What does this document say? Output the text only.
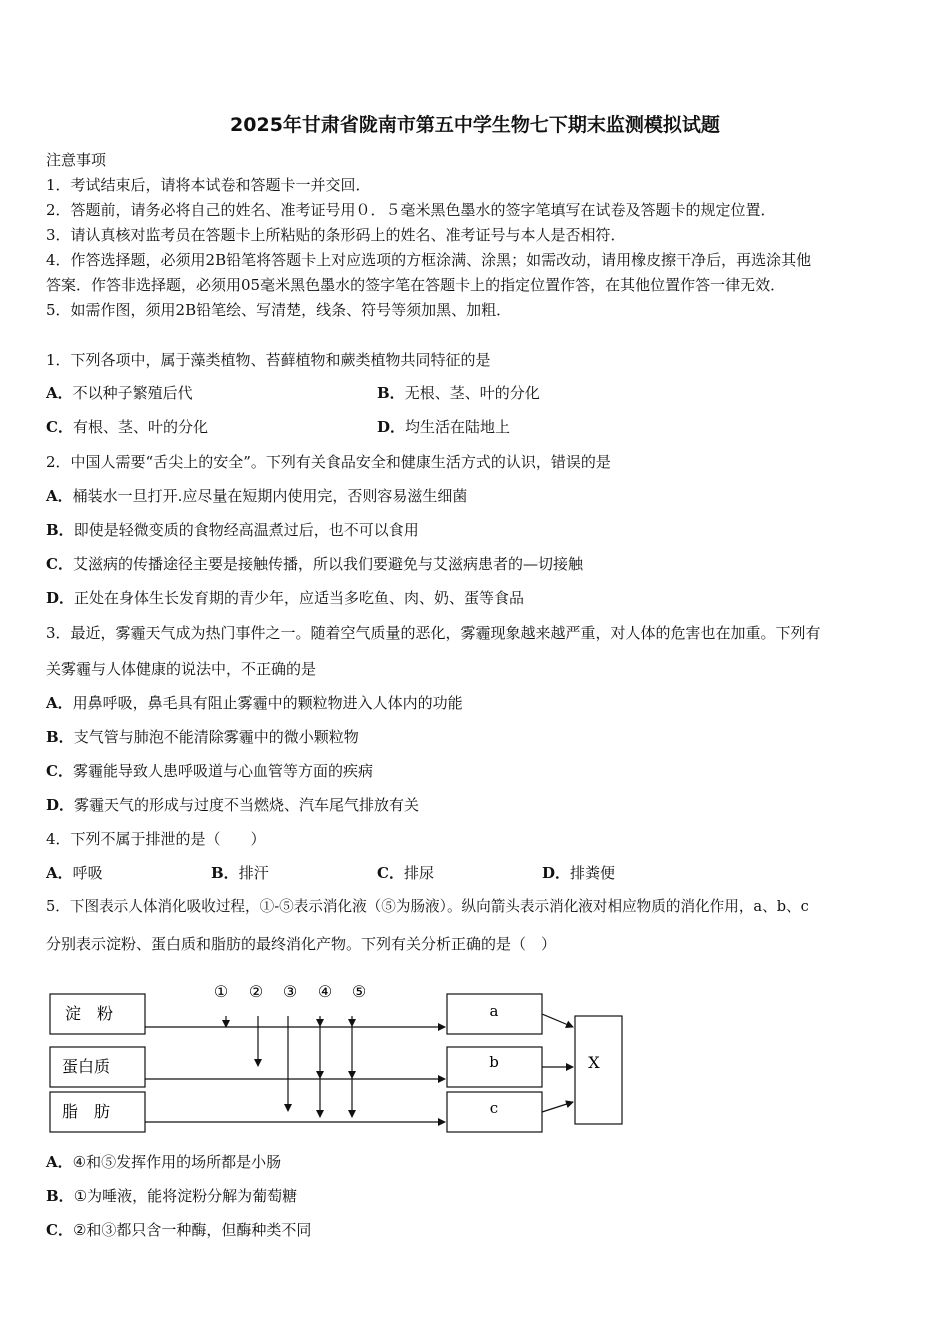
2025年甘肃省陇南市第五中学生物七下期末监测模拟试题
注意事项
1．考试结束后，请将本试卷和答题卡一并交回．
2．答题前，请务必将自己的姓名、准考证号用０．５毫米黑色墨水的签字笔填写在试卷及答题卡的规定位置．
3．请认真核对监考员在答题卡上所粘贴的条形码上的姓名、准考证号与本人是否相符．
4．作答选择题，必须用2B铅笔将答题卡上对应选项的方框涂满、涂黑；如需改动，请用橡皮擦干净后，再选涂其他
答案．作答非选择题，必须用05毫米黑色墨水的签字笔在答题卡上的指定位置作答，在其他位置作答一律无效．
5．如需作图，须用2B铅笔绘、写清楚，线条、符号等须加黑、加粗．
1．下列各项中，属于藻类植物、苔藓植物和蕨类植物共同特征的是
A．不以种子繁殖后代	B．无根、茎、叶的分化
C．有根、茎、叶的分化	D．均生活在陆地上
2．中国人需要“舌尖上的安全”。下列有关食品安全和健康生活方式的认识，错误的是
A．桶装水一旦打开.应尽量在短期内使用完，否则容易滋生细菌
B．即使是轻微变质的食物经高温煮过后，也不可以食用
C．艾滋病的传播途径主要是接触传播，所以我们要避免与艾滋病患者的—切接触
D．正处在身体生长发育期的青少年，应适当多吃鱼、肉、奶、蛋等食品
3．最近，雾霾天气成为热门事件之一。随着空气质量的恶化，雾霾现象越来越严重，对人体的危害也在加重。下列有
关雾霾与人体健康的说法中，不正确的是
A．用鼻呼吸，鼻毛具有阻止雾霾中的颗粒物进入人体内的功能
B．支气管与肺泡不能清除雾霾中的微小颗粒物
C．雾霾能导致人患呼吸道与心血管等方面的疾病
D．雾霾天气的形成与过度不当燃烧、汽车尾气排放有关
4．下列不属于排泄的是（　　）
A．呼吸	B．排汗	C．排尿	D．排粪便
5．下图表示人体消化吸收过程，①-⑤表示消化液（⑤为肠液）。纵向箭头表示消化液对相应物质的消化作用，a、b、c
分别表示淀粉、蛋白质和脂肪的最终消化产物。下列有关分析正确的是（　）
① ② ③ ④ ⑤
淀　粉
蛋白质
脂　肪
a
b
c
X
A．④和⑤发挥作用的场所都是小肠
B．①为唾液，能将淀粉分解为葡萄糖
C．②和③都只含一种酶，但酶种类不同
